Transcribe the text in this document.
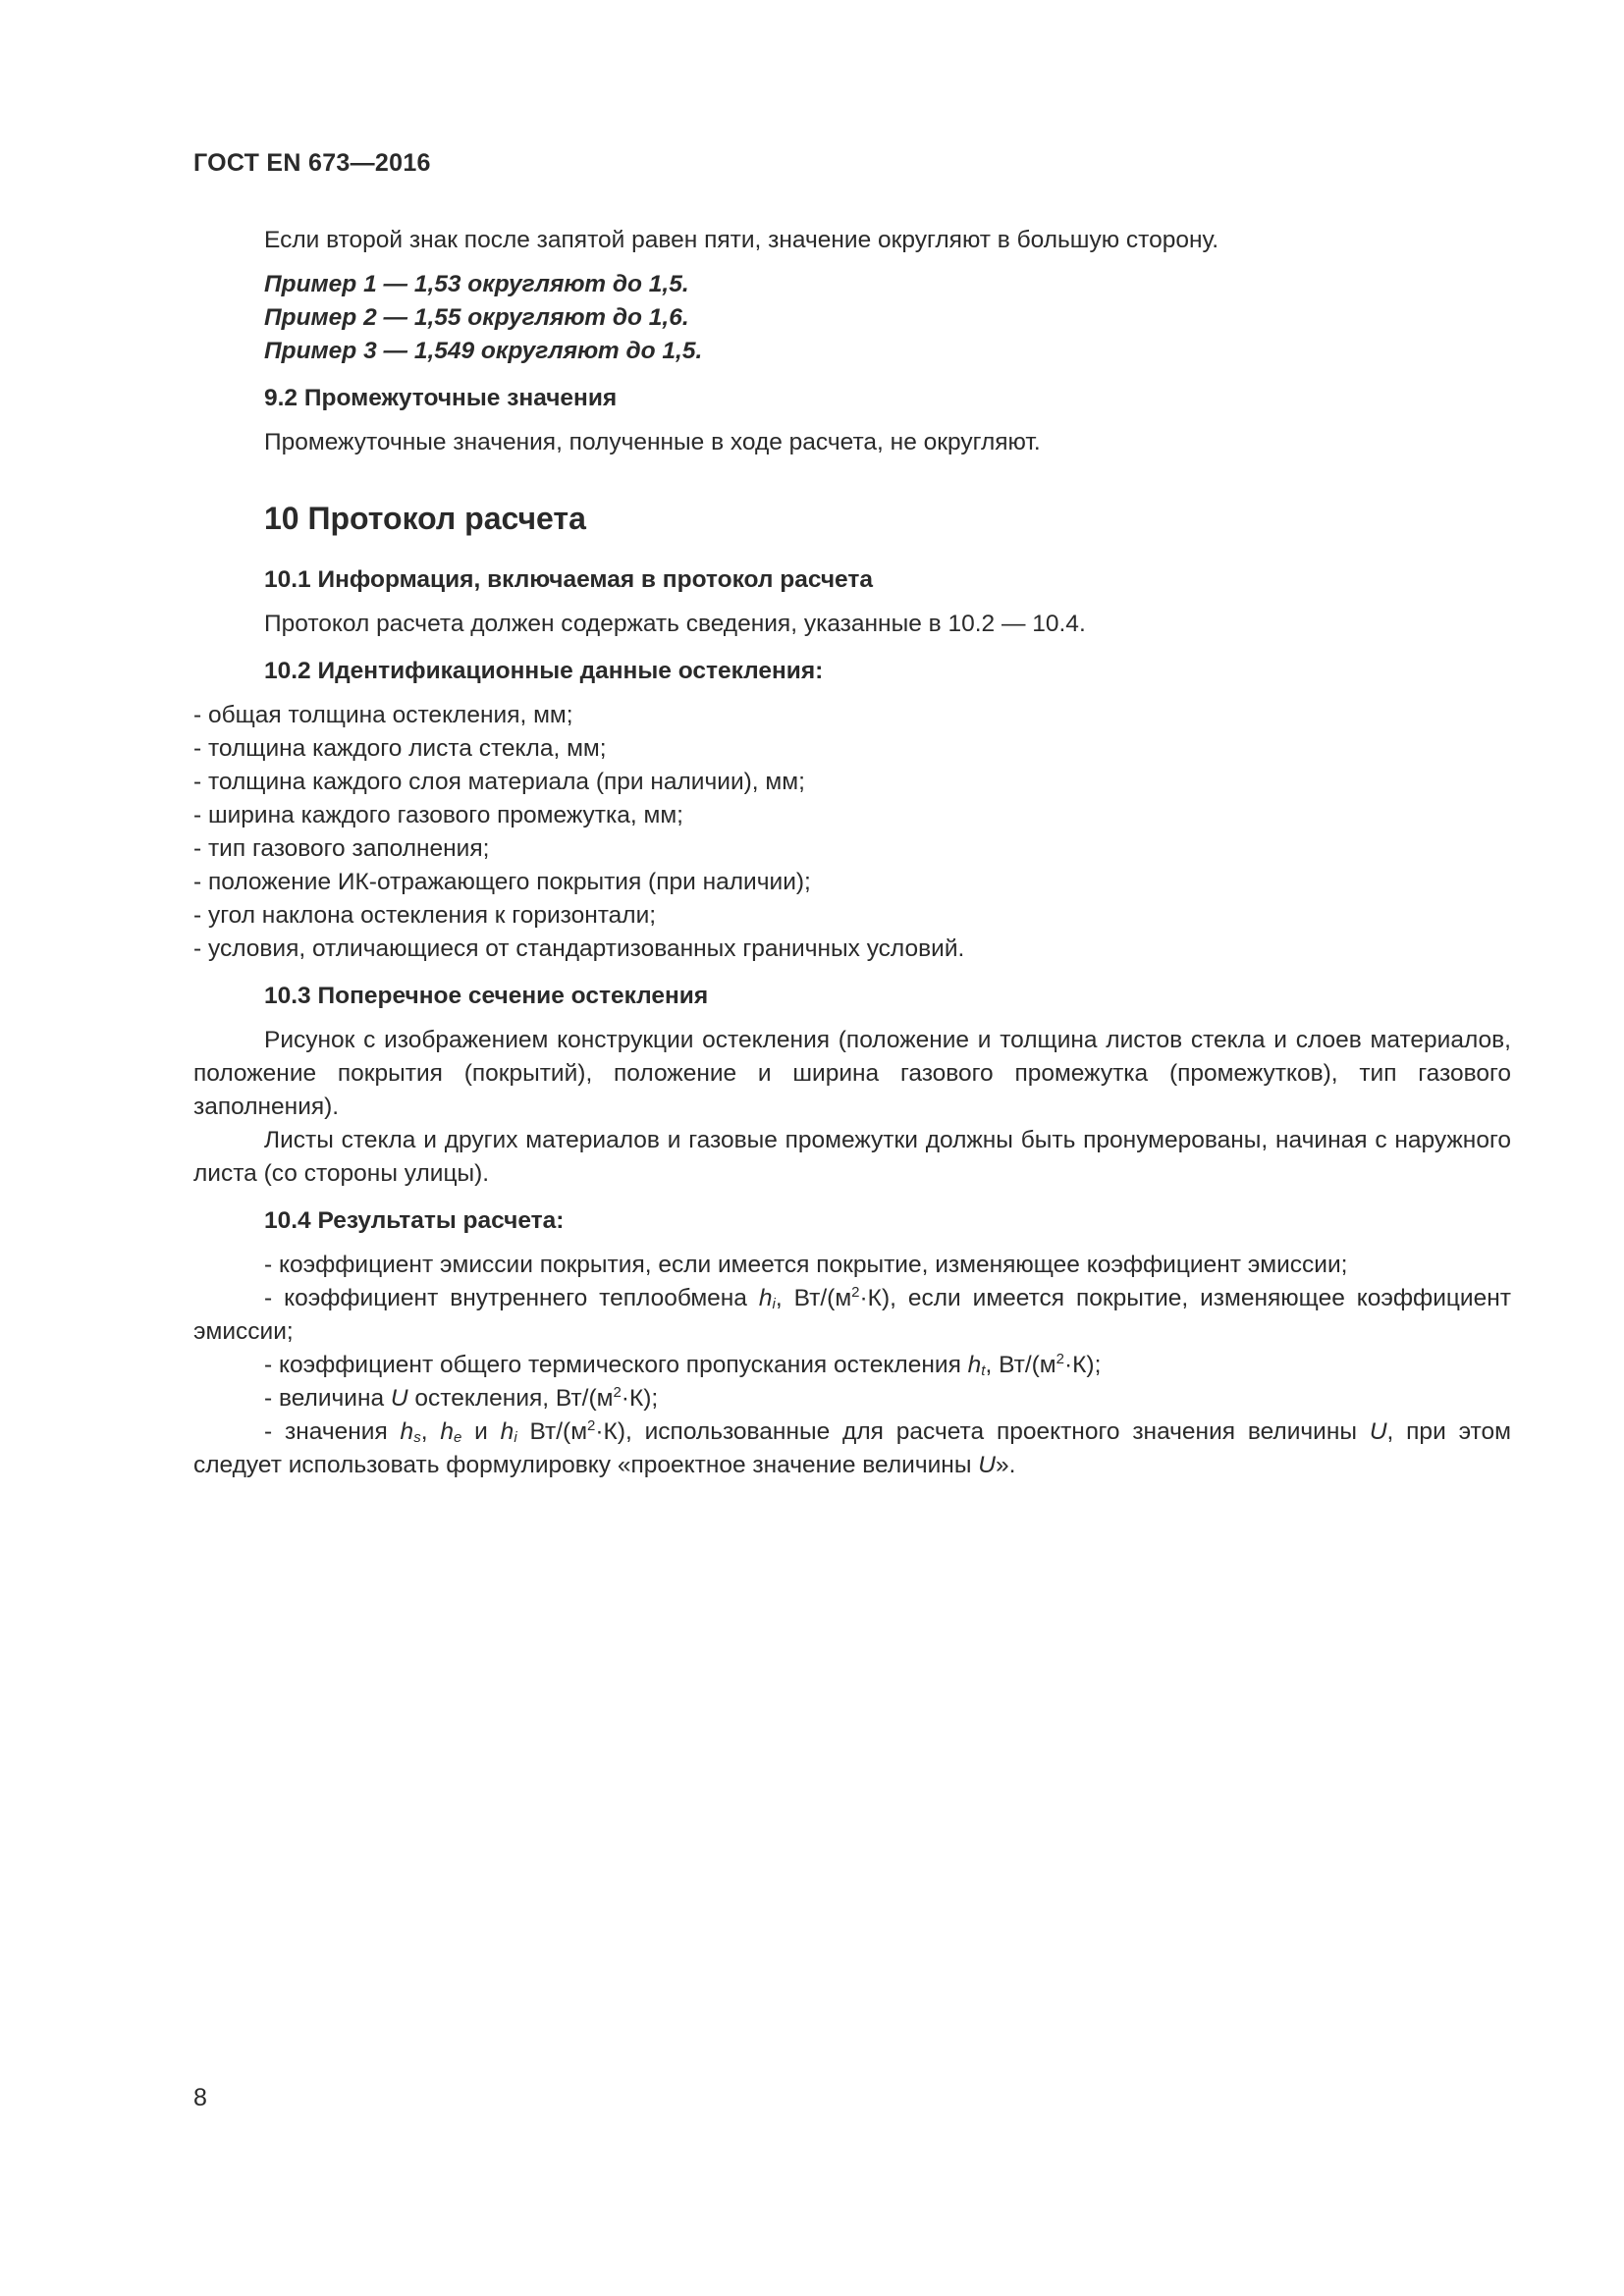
ГОСТ EN 673—2016

Если второй знак после запятой равен пяти, значение округляют в большую сторону.

Пример 1 — 1,53 округляют до 1,5.

Пример 2 — 1,55 округляют до 1,6.

Пример 3 — 1,549 округляют до 1,5.

9.2 Промежуточные значения

Промежуточные значения, полученные в ходе расчета, не округляют.

10 Протокол расчета

10.1 Информация, включаемая в протокол расчета

Протокол расчета должен содержать сведения, указанные в 10.2 — 10.4.

10.2 Идентификационные данные остекления:

- общая толщина остекления, мм;
- толщина каждого листа стекла, мм;
- толщина каждого слоя материала (при наличии), мм;
- ширина каждого газового промежутка, мм;
- тип газового заполнения;
- положение ИК-отражающего покрытия (при наличии);
- угол наклона остекления к горизонтали;
- условия, отличающиеся от стандартизованных граничных условий.

10.3 Поперечное сечение остекления

Рисунок с изображением конструкции остекления (положение и толщина листов стекла и слоев материалов, положение покрытия (покрытий), положение и ширина газового промежутка (промежутков), тип газового заполнения).

Листы стекла и других материалов и газовые промежутки должны быть пронумерованы, начиная с наружного листа (со стороны улицы).

10.4 Результаты расчета:

- коэффициент эмиссии покрытия, если имеется покрытие, изменяющее коэффициент эмиссии;

- коэффициент внутреннего теплообмена $h_i$, $Вт/(м^2\cdot К)$, если имеется покрытие, изменяющее коэффициент эмиссии;

- коэффициент общего термического пропускания остекления $h_t$, $Вт/(м^2\cdot К)$;

- величина U остекления, $Вт/(м^2\cdot К)$;

- значения $h_s$, $h_e$ и $h_i$ $Вт/(м^2\cdot К)$, использованные для расчета проектного значения величины U, при этом следует использовать формулировку «проектное значение величины U».

8
